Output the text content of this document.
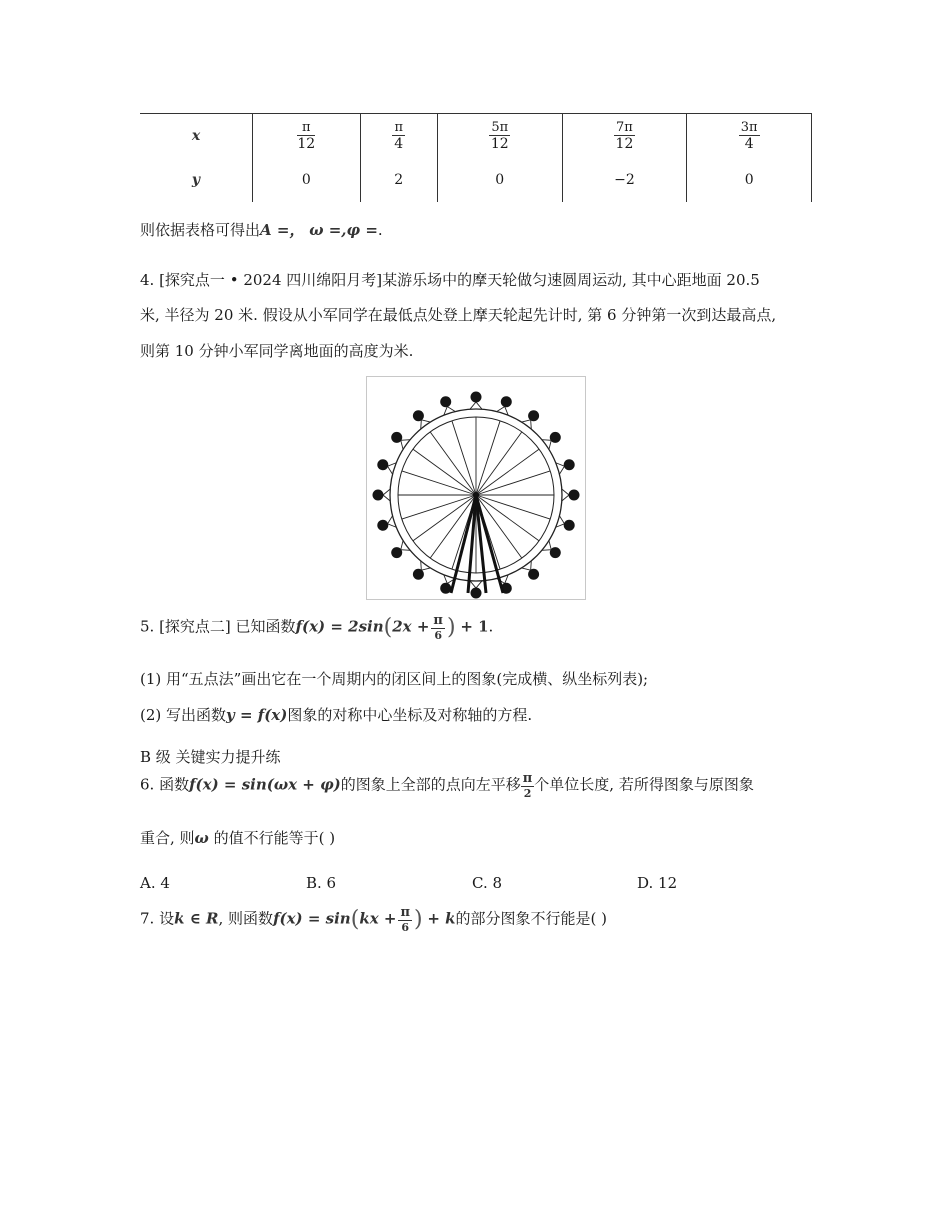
x	$\frac{\pi}{12}$	$\frac{\pi}{4}$	$\frac{5\pi}{12}$	$\frac{7\pi}{12}$	$\frac{3\pi}{4}$

y	0	2	0	−2	0
则依据表格可得出A =， ω =,φ =.
4. [探究点一 • 2024 四川绵阳月考]某游乐场中的摩天轮做匀速圆周运动, 其中心距地面 20.5
米, 半径为 20 米. 假设从小军同学在最低点处登上摩天轮起先计时, 第 6 分钟第一次到达最高点,
则第 10 分钟小军同学离地面的高度为米.
5. [探究点二] 已知函数$f(x) = 2\sin(2x + \frac{\pi}{6}$ ) + 1.
(1) 用“五点法”画出它在一个周期内的闭区间上的图象(完成横、纵坐标列表);
(2) 写出函数y = f(x)图象的对称中心坐标及对称轴的方程.
B 级 关键实力提升练
6. 函数f(x) = sin(ωx + φ)的图象上全部的点向左平移 $\frac{\pi}{2}$ 个单位长度, 若所得图象与原图象
重合, 则ω 的值不行能等于( )
A. 4	B. 6	C. 8	D. 12
7. 设k ∈ R, 则函数$f(x) = \sin(kx + \frac{\pi}{6}$ ) + k的部分图象不行能是( )
